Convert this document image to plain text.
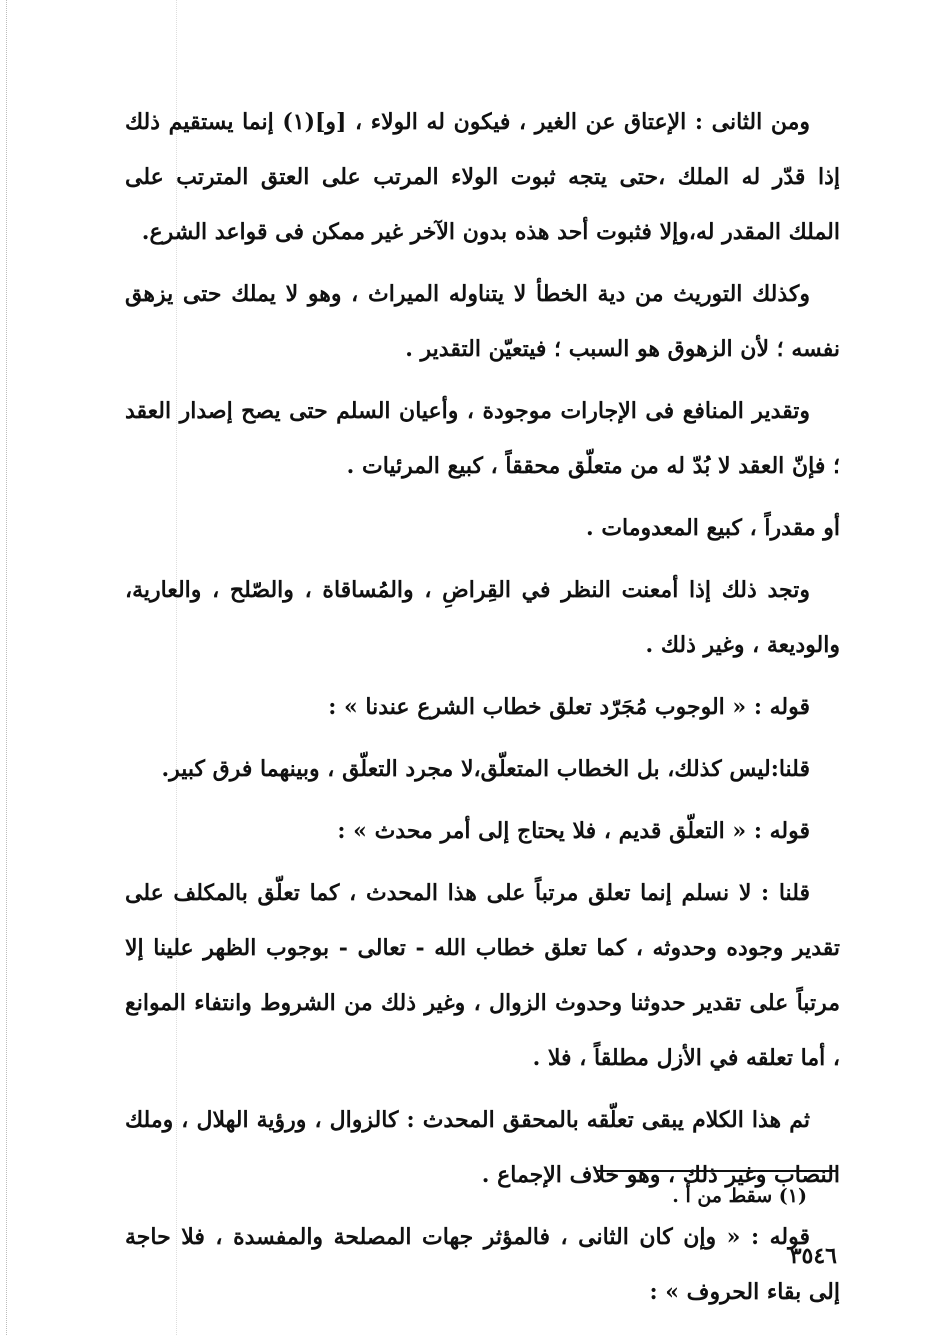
ومن الثانى : الإعتاق عن الغير ، فيكون له الولاء ، [و](١) إنما يستقيم ذلك إذا قدّر له الملك ،حتى يتجه ثبوت الولاء المرتب على العتق المترتب على الملك المقدر له،وإلا فثبوت أحد هذه بدون الآخر غير ممكن فى قواعد الشرع.

وكذلك التوريث من دية الخطأ لا يتناوله الميراث ، وهو لا يملك حتى يزهق نفسه ؛ لأن الزهوق هو السبب ؛ فيتعيّن التقدير .

وتقدير المنافع فى الإجارات موجودة ، وأعيان السلم حتى يصح إصدار العقد ؛ فإنّ العقد لا بُدّ له من متعلّق محققاً ، كبيع المرئيات .

أو مقدراً ، كبيع المعدومات .

وتجد ذلك إذا أمعنت النظر في القِراضِ ، والمُساقاة ، والصّلح ، والعارية، والوديعة ، وغير ذلك .

قوله : « الوجوب مُجَرّد تعلق خطاب الشرع عندنا » :

قلنا:ليس كذلك، بل الخطاب المتعلّق،لا مجرد التعلّق ، وبينهما فرق كبير.

قوله : « التعلّق قديم ، فلا يحتاج إلى أمر محدث » :

قلنا : لا نسلم إنما تعلق مرتباً على هذا المحدث ، كما تعلّق بالمكلف على تقدير وجوده وحدوثه ، كما تعلق خطاب الله - تعالى - بوجوب الظهر علينا إلا مرتباً على تقدير حدوثنا وحدوث الزوال ، وغير ذلك من الشروط وانتفاء الموانع ، أما تعلقه في الأزل مطلقاً ، فلا .

ثم هذا الكلام يبقى تعلّقه بالمحقق المحدث : كالزوال ، ورؤية الهلال ، وملك النصاب وغير ذلك ، وهو خلاف الإجماع .

قوله : « وإن كان الثانى ، فالمؤثر جهات المصلحة والمفسدة ، فلا حاجة إلى بقاء الحروف » :

(١) سقط من أ .
٣٥٤٦
